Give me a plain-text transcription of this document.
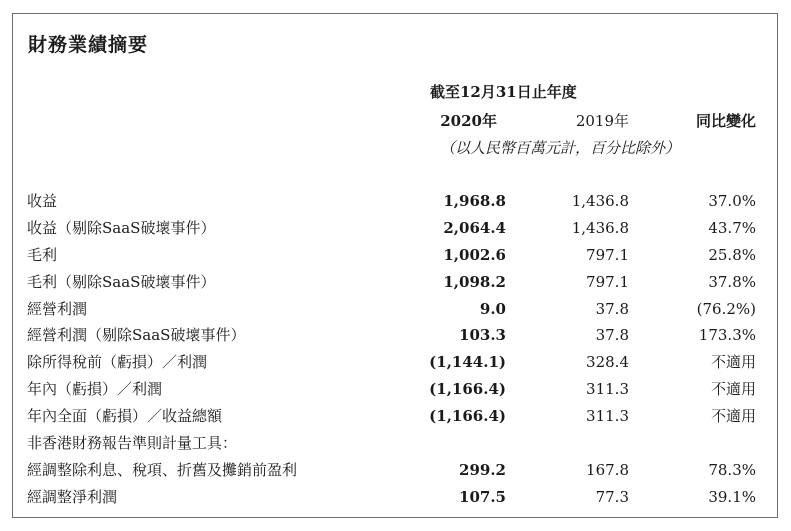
財務業績摘要
截至12月31日止年度
2020年	2019年	同比變化
（以人民幣百萬元計，百分比除外）
收益	1,968.8	1,436.8	37.0%
收益（剔除SaaS破壞事件）	2,064.4	1,436.8	43.7%
毛利	1,002.6	797.1	25.8%
毛利（剔除SaaS破壞事件）	1,098.2	797.1	37.8%
經營利潤	9.0	37.8	(76.2%)
經營利潤（剔除SaaS破壞事件）	103.3	37.8	173.3%
除所得稅前（虧損）／利潤	(1,144.1)	328.4	不適用
年內（虧損）／利潤	(1,166.4)	311.3	不適用
年內全面（虧損）／收益總額	(1,166.4)	311.3	不適用
非香港財務報告準則計量工具：
經調整除利息、稅項、折舊及攤銷前盈利	299.2	167.8	78.3%
經調整淨利潤	107.5	77.3	39.1%
